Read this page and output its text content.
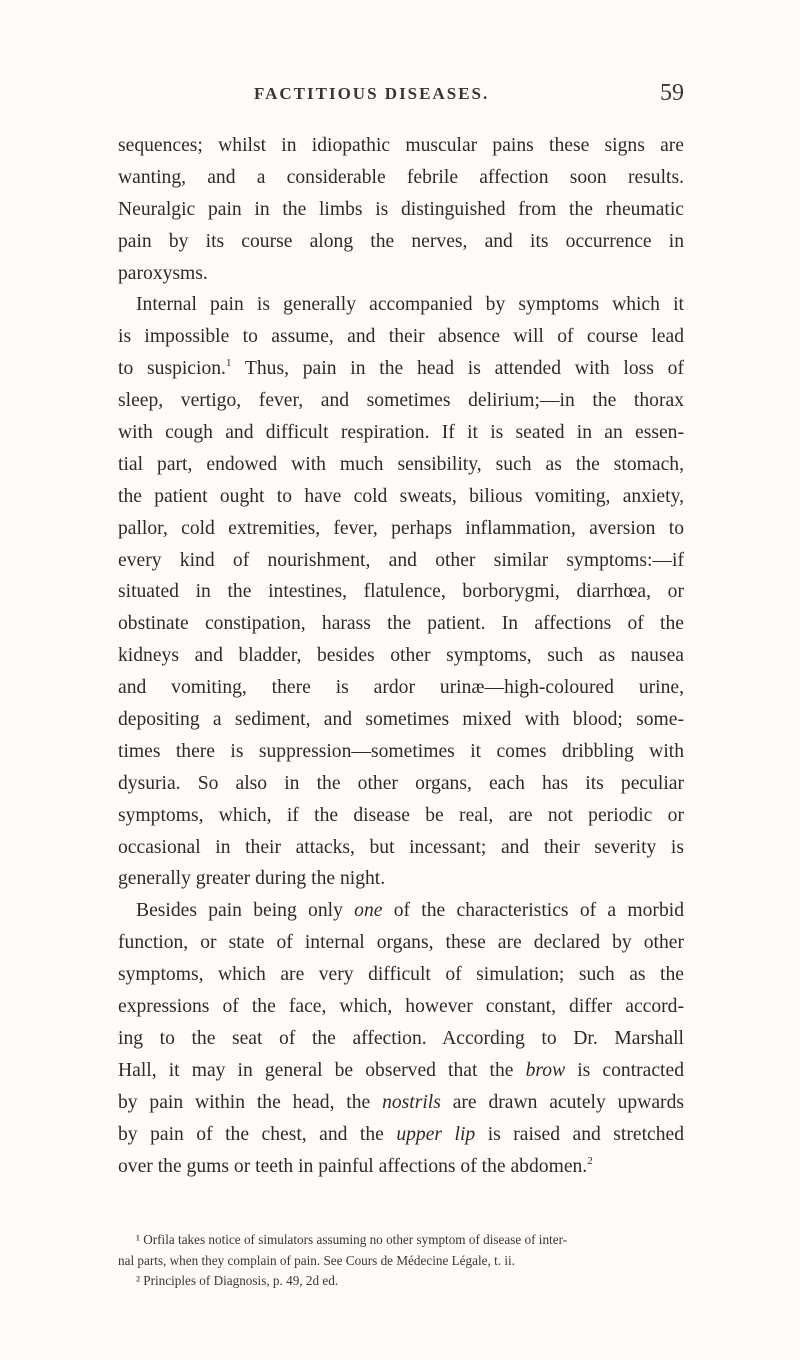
FACTITIOUS DISEASES.	59
sequences; whilst in idiopathic muscular pains these signs are
wanting, and a considerable febrile affection soon results.
Neuralgic pain in the limbs is distinguished from the rheumatic
pain by its course along the nerves, and its occurrence in
paroxysms.
Internal pain is generally accompanied by symptoms which it
is impossible to assume, and their absence will of course lead
to suspicion.$^1$ Thus, pain in the head is attended with loss of
sleep, vertigo, fever, and sometimes delirium;—in the thorax
with cough and difficult respiration. If it is seated in an essen-
tial part, endowed with much sensibility, such as the stomach,
the patient ought to have cold sweats, bilious vomiting, anxiety,
pallor, cold extremities, fever, perhaps inflammation, aversion to
every kind of nourishment, and other similar symptoms:—if
situated in the intestines, flatulence, borborygmi, diarrhœa, or
obstinate constipation, harass the patient. In affections of the
kidneys and bladder, besides other symptoms, such as nausea
and vomiting, there is ardor urinæ—high-coloured urine,
depositing a sediment, and sometimes mixed with blood; some-
times there is suppression—sometimes it comes dribbling with
dysuria. So also in the other organs, each has its peculiar
symptoms, which, if the disease be real, are not periodic or
occasional in their attacks, but incessant; and their severity is
generally greater during the night.
Besides pain being only one of the characteristics of a morbid
function, or state of internal organs, these are declared by other
symptoms, which are very difficult of simulation; such as the
expressions of the face, which, however constant, differ accord-
ing to the seat of the affection. According to Dr. Marshall
Hall, it may in general be observed that the brow is contracted
by pain within the head, the nostrils are drawn acutely upwards
by pain of the chest, and the upper lip is raised and stretched
over the gums or teeth in painful affections of the abdomen.$^2$
¹ Orfila takes notice of simulators assuming no other symptom of disease of inter-
nal parts, when they complain of pain. See Cours de Médecine Légale, t. ii.
² Principles of Diagnosis, p. 49, 2d ed.
